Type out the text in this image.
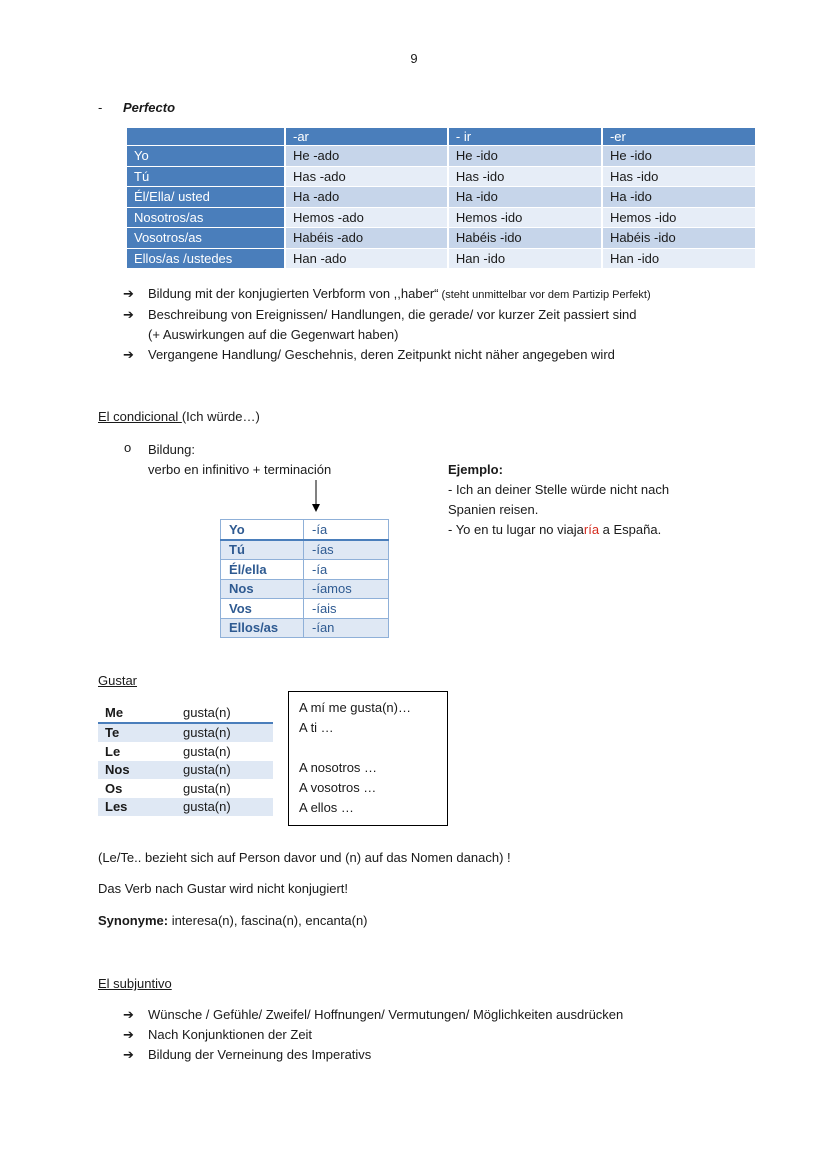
9
- Perfecto
	-ar	- ir	-er
Yo	He -ado	He -ido	He -ido
Tú	Has -ado	Has -ido	Has -ido
Él/Ella/ usted	Ha -ado	Ha -ido	Ha -ido
Nosotros/as	Hemos -ado	Hemos -ido	Hemos -ido
Vosotros/as	Habéis -ado	Habéis -ido	Habéis -ido
Ellos/as /ustedes	Han -ado	Han -ido	Han -ido
➔ Bildung mit der konjugierten Verbform von ,,haber“ (steht unmittelbar vor dem Partizip Perfekt)
➔ Beschreibung von Ereignissen/ Handlungen, die gerade/ vor kurzer Zeit passiert sind
(+ Auswirkungen auf die Gegenwart haben)
➔ Vergangene Handlung/ Geschehnis, deren Zeitpunkt nicht näher angegeben wird
El condicional (Ich würde…)
o Bildung:
verbo en infinitivo + terminación
Yo	-ía
Tú	-ías
Él/ella	-ía
Nos	-íamos
Vos	-íais
Ellos/as	-ían
Ejemplo:
- Ich an deiner Stelle würde nicht nach
Spanien reisen.
- Yo en tu lugar no viajaría a España.
Gustar
Me	gusta(n)
Te	gusta(n)
Le	gusta(n)
Nos	gusta(n)
Os	gusta(n)
Les	gusta(n)
A mí me gusta(n)…
A ti …
A nosotros …
A vosotros …
A ellos …
(Le/Te.. bezieht sich auf Person davor und (n) auf das Nomen danach) !
Das Verb nach Gustar wird nicht konjugiert!
Synonyme: interesa(n), fascina(n), encanta(n)
El subjuntivo
➔ Wünsche / Gefühle/ Zweifel/ Hoffnungen/ Vermutungen/ Möglichkeiten ausdrücken
➔ Nach Konjunktionen der Zeit
➔ Bildung der Verneinung des Imperativs
